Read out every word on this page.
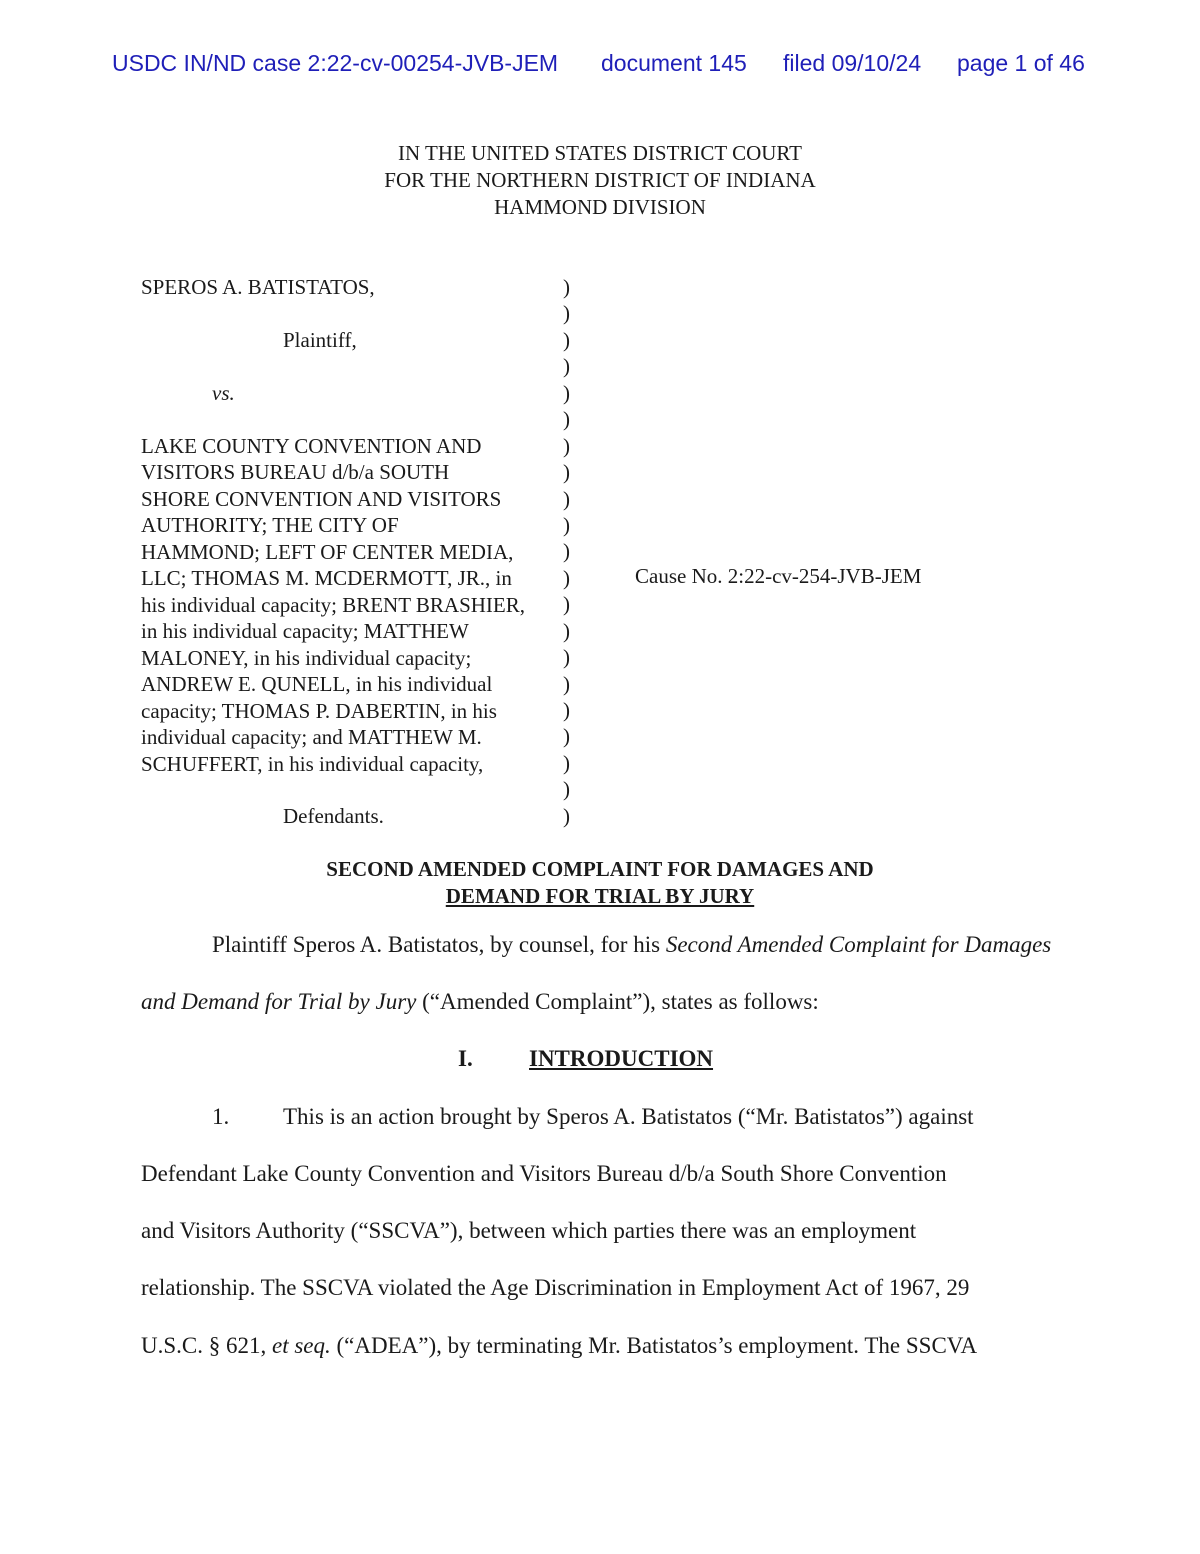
USDC IN/ND case 2:22-cv-00254-JVB-JEM document 145 filed 09/10/24 page 1 of 46
IN THE UNITED STATES DISTRICT COURT
FOR THE NORTHERN DISTRICT OF INDIANA
HAMMOND DIVISION
SPEROS A. BATISTATOS,
Plaintiff,
vs.
LAKE COUNTY CONVENTION AND
VISITORS BUREAU d/b/a SOUTH
SHORE CONVENTION AND VISITORS
AUTHORITY; THE CITY OF
HAMMOND; LEFT OF CENTER MEDIA,
LLC; THOMAS M. MCDERMOTT, JR., in
his individual capacity; BRENT BRASHIER,
in his individual capacity; MATTHEW
MALONEY, in his individual capacity;
ANDREW E. QUNELL, in his individual
capacity; THOMAS P. DABERTIN, in his
individual capacity; and MATTHEW M.
SCHUFFERT, in his individual capacity,
Defendants.
)
)
)
)
)
)
)
)
)
)
)
)
)
)
)
)
)
)
)
)
)
Cause No. 2:22-cv-254-JVB-JEM
SECOND AMENDED COMPLAINT FOR DAMAGES AND
DEMAND FOR TRIAL BY JURY
Plaintiff Speros A. Batistatos, by counsel, for his Second Amended Complaint for Damages
and Demand for Trial by Jury (“Amended Complaint”), states as follows:
I. INTRODUCTION
1. This is an action brought by Speros A. Batistatos (“Mr. Batistatos”) against
Defendant Lake County Convention and Visitors Bureau d/b/a South Shore Convention
and Visitors Authority (“SSCVA”), between which parties there was an employment
relationship. The SSCVA violated the Age Discrimination in Employment Act of 1967, 29
U.S.C. § 621, et seq. (“ADEA”), by terminating Mr. Batistatos’s employment. The SSCVA
